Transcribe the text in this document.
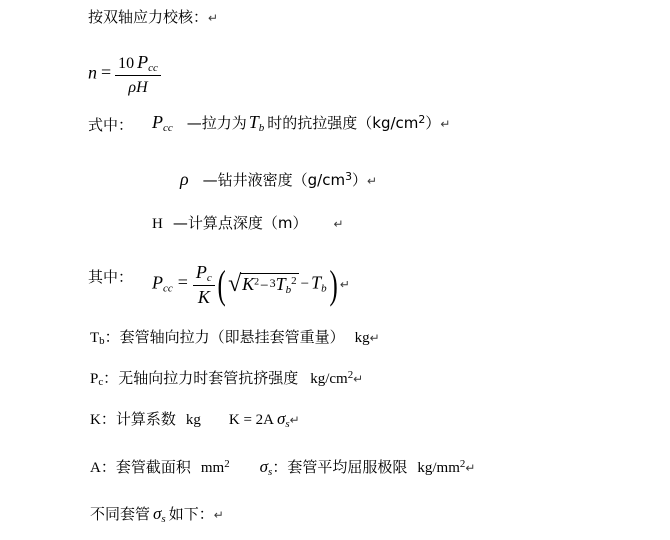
按双轴应力校核：↵
$n = \frac{\text{10 Pcc}}{\rho H}$
式中： Pcc —拉力为 Tb 时的抗拉强度$(kg/cm^2)↵$
ρ —钻井液密度$(g/cm^3)↵$
H —计算点深度（m） ↵
其中： Pcc = $\frac{Pc}{K}$ ( √ $K^2-3Tb^2 - Tb$) ↵
Tb：套管轴向拉力（即悬挂套管重量） kg↵
Pc：无轴向拉力时套管抗挤强度 $kg/cm^2↵$
K：计算系数 kg K = 2A σs↵
A：套管截面积 $mm^2$ σs：套管平均屈服极限 $kg/mm^2↵$
不同套管 σs 如下：↵
